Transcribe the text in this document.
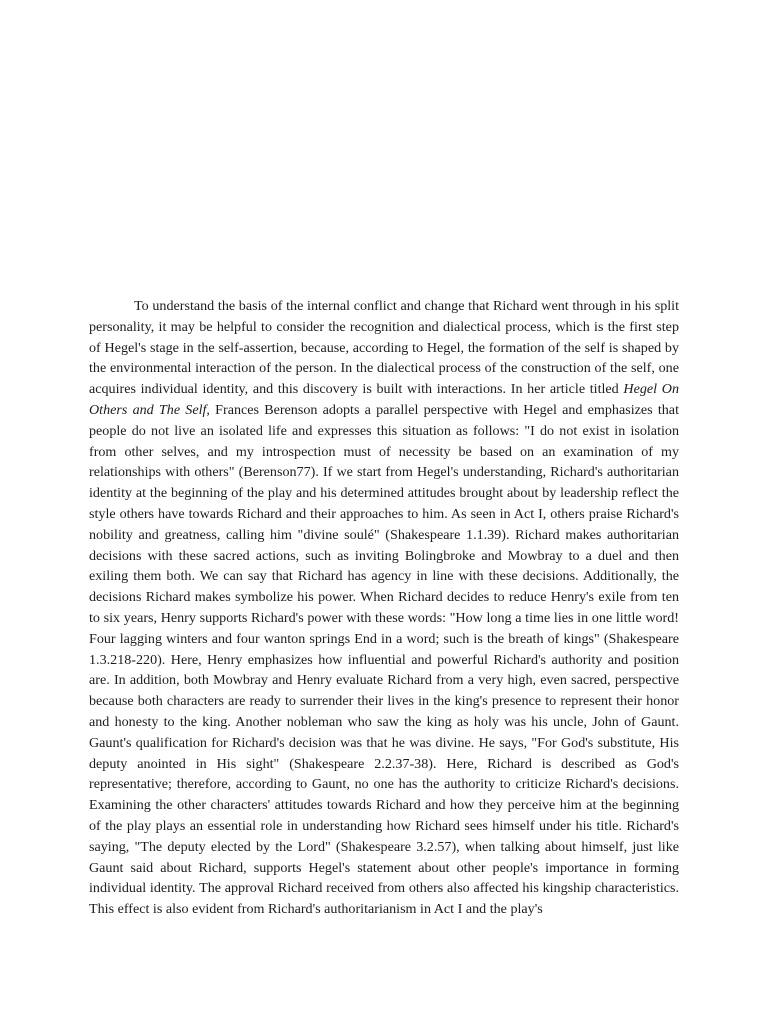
To understand the basis of the internal conflict and change that Richard went through in his split personality, it may be helpful to consider the recognition and dialectical process, which is the first step of Hegel's stage in the self-assertion, because, according to Hegel, the formation of the self is shaped by the environmental interaction of the person. In the dialectical process of the construction of the self, one acquires individual identity, and this discovery is built with interactions. In her article titled Hegel On Others and The Self, Frances Berenson adopts a parallel perspective with Hegel and emphasizes that people do not live an isolated life and expresses this situation as follows: "I do not exist in isolation from other selves, and my introspection must of necessity be based on an examination of my relationships with others" (Berenson77). If we start from Hegel's understanding, Richard's authoritarian identity at the beginning of the play and his determined attitudes brought about by leadership reflect the style others have towards Richard and their approaches to him. As seen in Act I, others praise Richard's nobility and greatness, calling him "divine soulé" (Shakespeare 1.1.39). Richard makes authoritarian decisions with these sacred actions, such as inviting Bolingbroke and Mowbray to a duel and then exiling them both. We can say that Richard has agency in line with these decisions. Additionally, the decisions Richard makes symbolize his power. When Richard decides to reduce Henry's exile from ten to six years, Henry supports Richard's power with these words: "How long a time lies in one little word! Four lagging winters and four wanton springs End in a word; such is the breath of kings" (Shakespeare 1.3.218-220). Here, Henry emphasizes how influential and powerful Richard's authority and position are. In addition, both Mowbray and Henry evaluate Richard from a very high, even sacred, perspective because both characters are ready to surrender their lives in the king's presence to represent their honor and honesty to the king. Another nobleman who saw the king as holy was his uncle, John of Gaunt. Gaunt's qualification for Richard's decision was that he was divine. He says, "For God's substitute, His deputy anointed in His sight" (Shakespeare 2.2.37-38). Here, Richard is described as God's representative; therefore, according to Gaunt, no one has the authority to criticize Richard's decisions. Examining the other characters' attitudes towards Richard and how they perceive him at the beginning of the play plays an essential role in understanding how Richard sees himself under his title. Richard's saying, "The deputy elected by the Lord" (Shakespeare 3.2.57), when talking about himself, just like Gaunt said about Richard, supports Hegel's statement about other people's importance in forming individual identity. The approval Richard received from others also affected his kingship characteristics. This effect is also evident from Richard's authoritarianism in Act I and the play's
